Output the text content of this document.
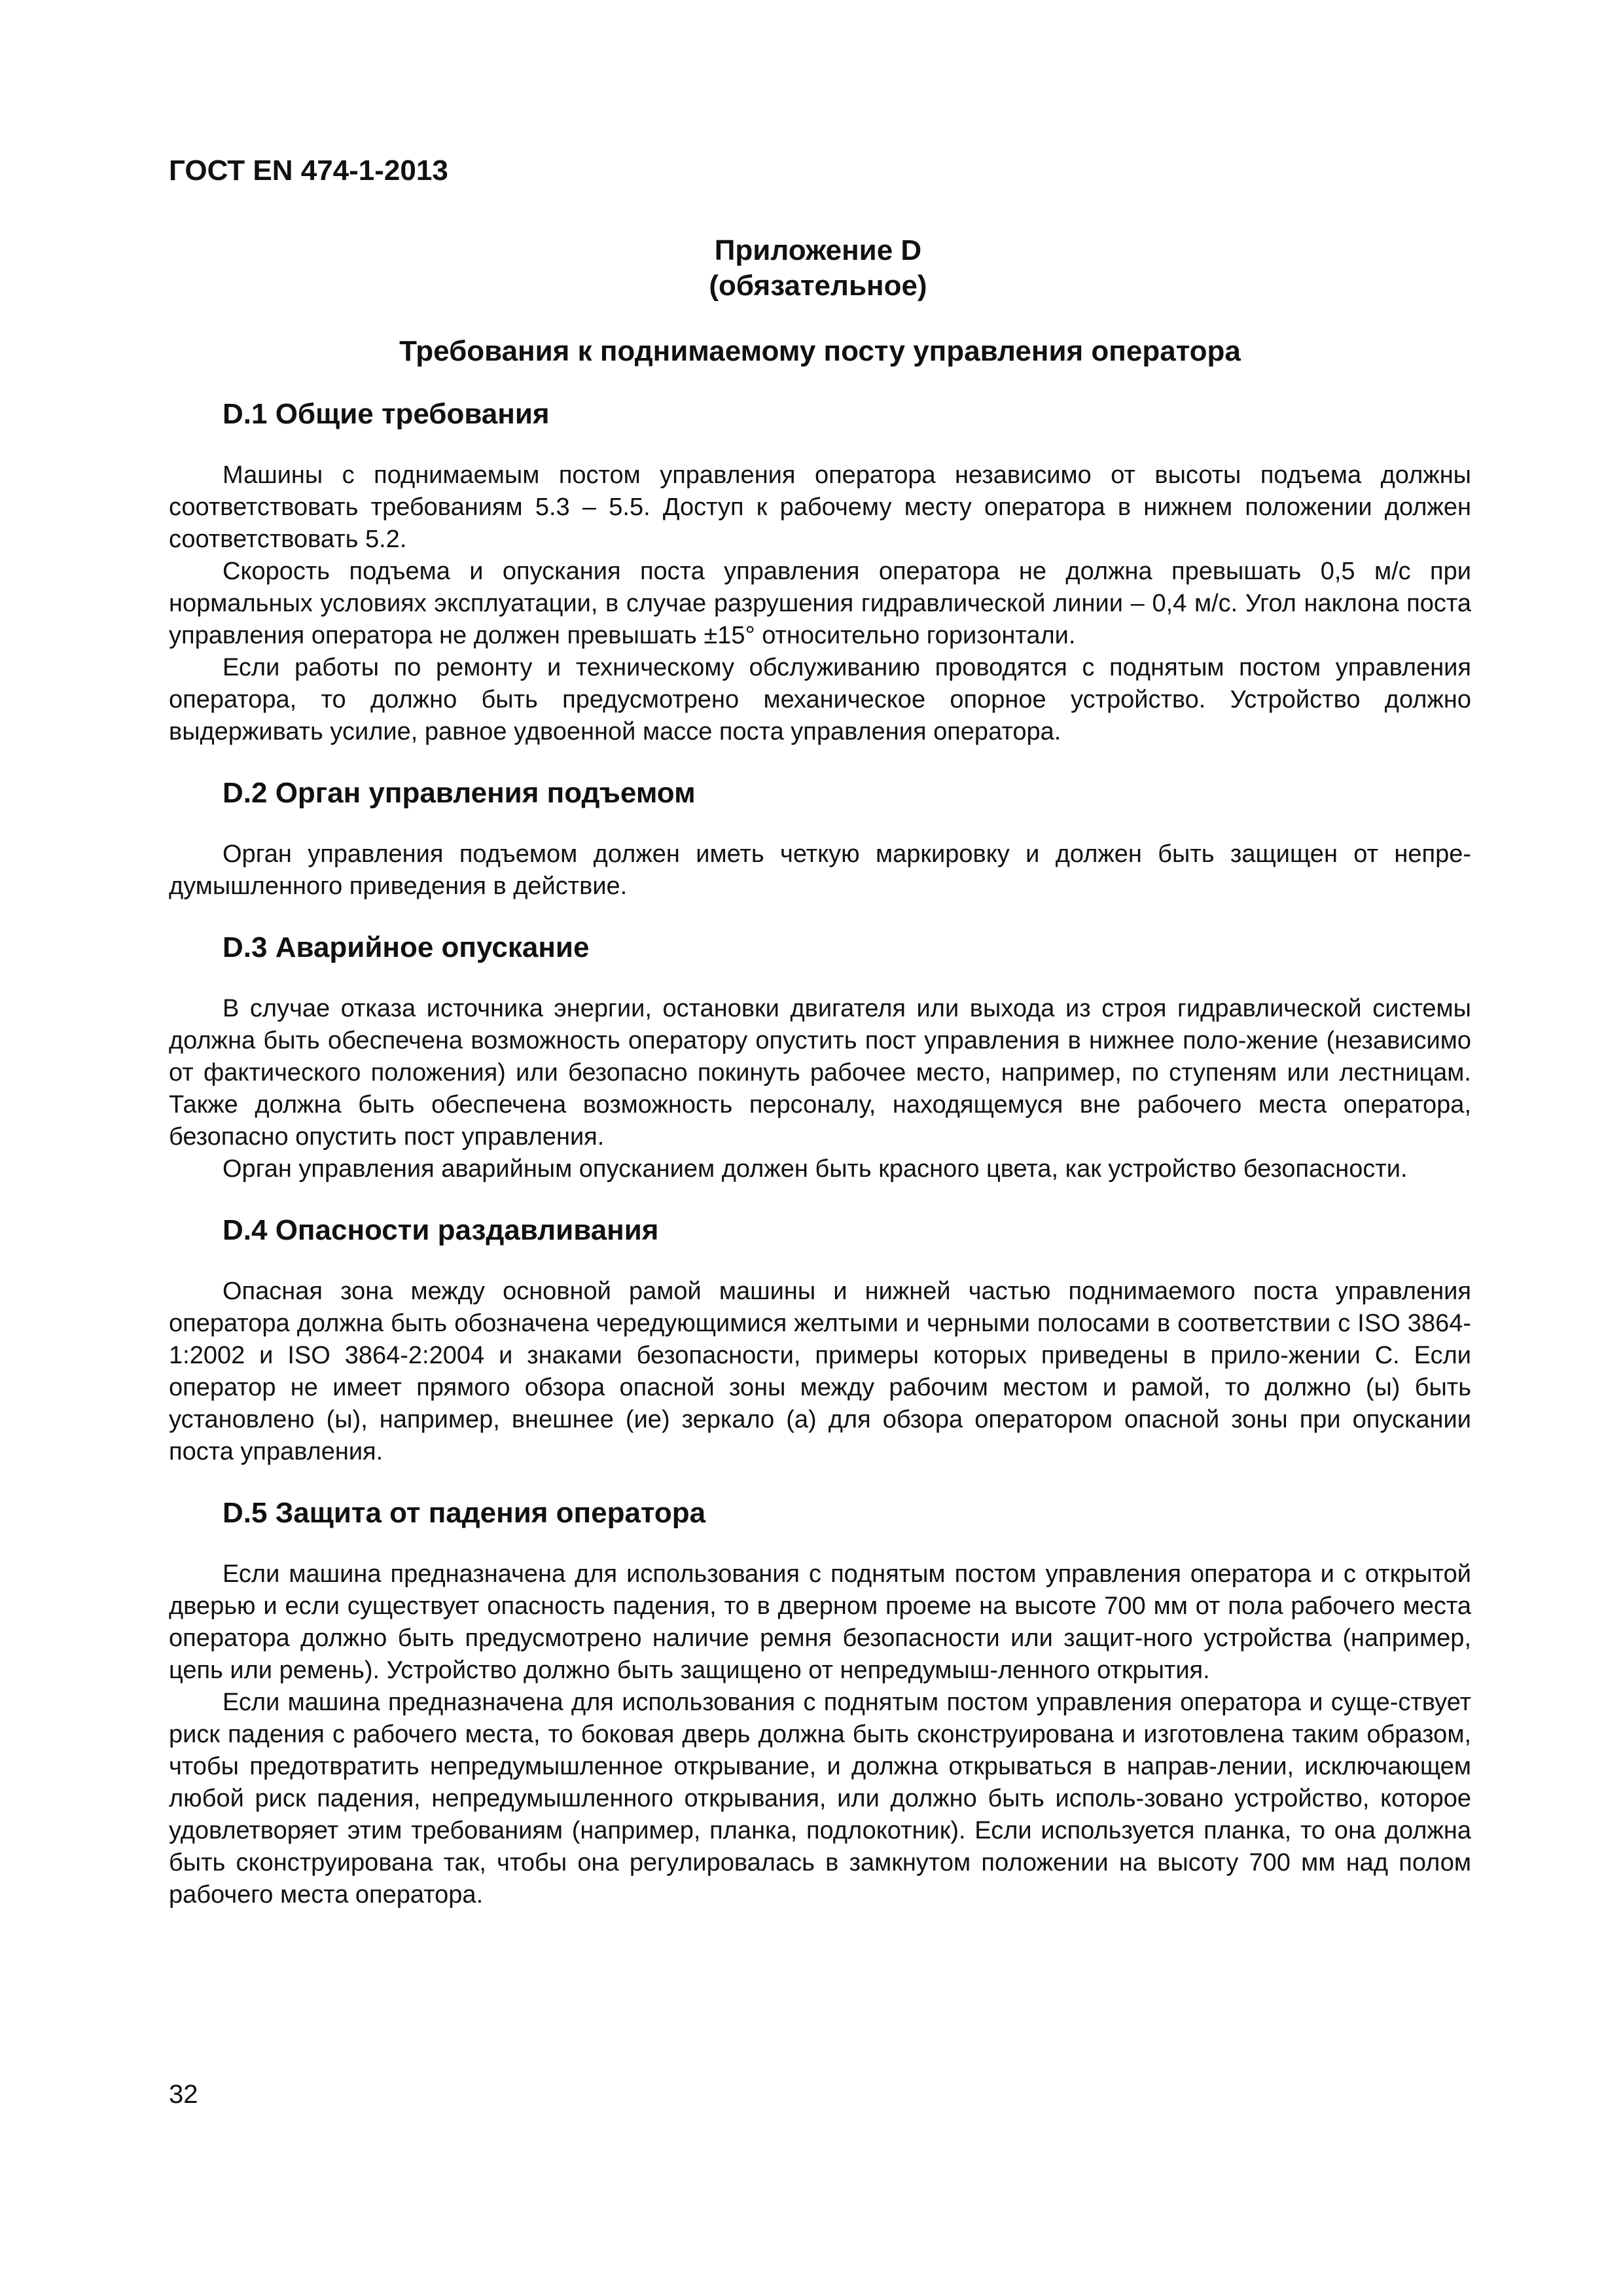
ГОСТ EN 474-1-2013
Приложение D
(обязательное)
Требования к поднимаемому посту управления оператора
D.1 Общие требования

Машины с поднимаемым постом управления оператора независимо от высоты подъема должны соответствовать требованиям 5.3 – 5.5. Доступ к рабочему месту оператора в нижнем положении должен соответствовать 5.2.

Скорость подъема и опускания поста управления оператора не должна превышать 0,5 м/с при нормальных условиях эксплуатации, в случае разрушения гидравлической линии – 0,4 м/с. Угол наклона поста управления оператора не должен превышать ±15° относительно горизонтали.

Если работы по ремонту и техническому обслуживанию проводятся с поднятым постом управления оператора, то должно быть предусмотрено механическое опорное устройство. Устройство должно выдерживать усилие, равное удвоенной массе поста управления оператора.

D.2 Орган управления подъемом

Орган управления подъемом должен иметь четкую маркировку и должен быть защищен от непре-думышленного приведения в действие.

D.3 Аварийное опускание

В случае отказа источника энергии, остановки двигателя или выхода из строя гидравлической системы должна быть обеспечена возможность оператору опустить пост управления в нижнее поло-жение (независимо от фактического положения) или безопасно покинуть рабочее место, например, по ступеням или лестницам. Также должна быть обеспечена возможность персоналу, находящемуся вне рабочего места оператора, безопасно опустить пост управления.

Орган управления аварийным опусканием должен быть красного цвета, как устройство безопасности.

D.4 Опасности раздавливания

Опасная зона между основной рамой машины и нижней частью поднимаемого поста управления оператора должна быть обозначена чередующимися желтыми и черными полосами в соответствии с ISO 3864-1:2002 и ISO 3864-2:2004 и знаками безопасности, примеры которых приведены в прило-жении С. Если оператор не имеет прямого обзора опасной зоны между рабочим местом и рамой, то должно (ы) быть установлено (ы), например, внешнее (ие) зеркало (а) для обзора оператором опасной зоны при опускании поста управления.

D.5 Защита от падения оператора

Если машина предназначена для использования с поднятым постом управления оператора и с открытой дверью и если существует опасность падения, то в дверном проеме на высоте 700 мм от пола рабочего места оператора должно быть предусмотрено наличие ремня безопасности или защит-ного устройства (например, цепь или ремень). Устройство должно быть защищено от непредумыш-ленного открытия.

Если машина предназначена для использования с поднятым постом управления оператора и суще-ствует риск падения с рабочего места, то боковая дверь должна быть сконструирована и изготовлена таким образом, чтобы предотвратить непредумышленное открывание, и должна открываться в направ-лении, исключающем любой риск падения, непредумышленного открывания, или должно быть исполь-зовано устройство, которое удовлетворяет этим требованиям (например, планка, подлокотник). Если используется планка, то она должна быть сконструирована так, чтобы она регулировалась в замкнутом положении на высоту 700 мм над полом рабочего места оператора.

32
